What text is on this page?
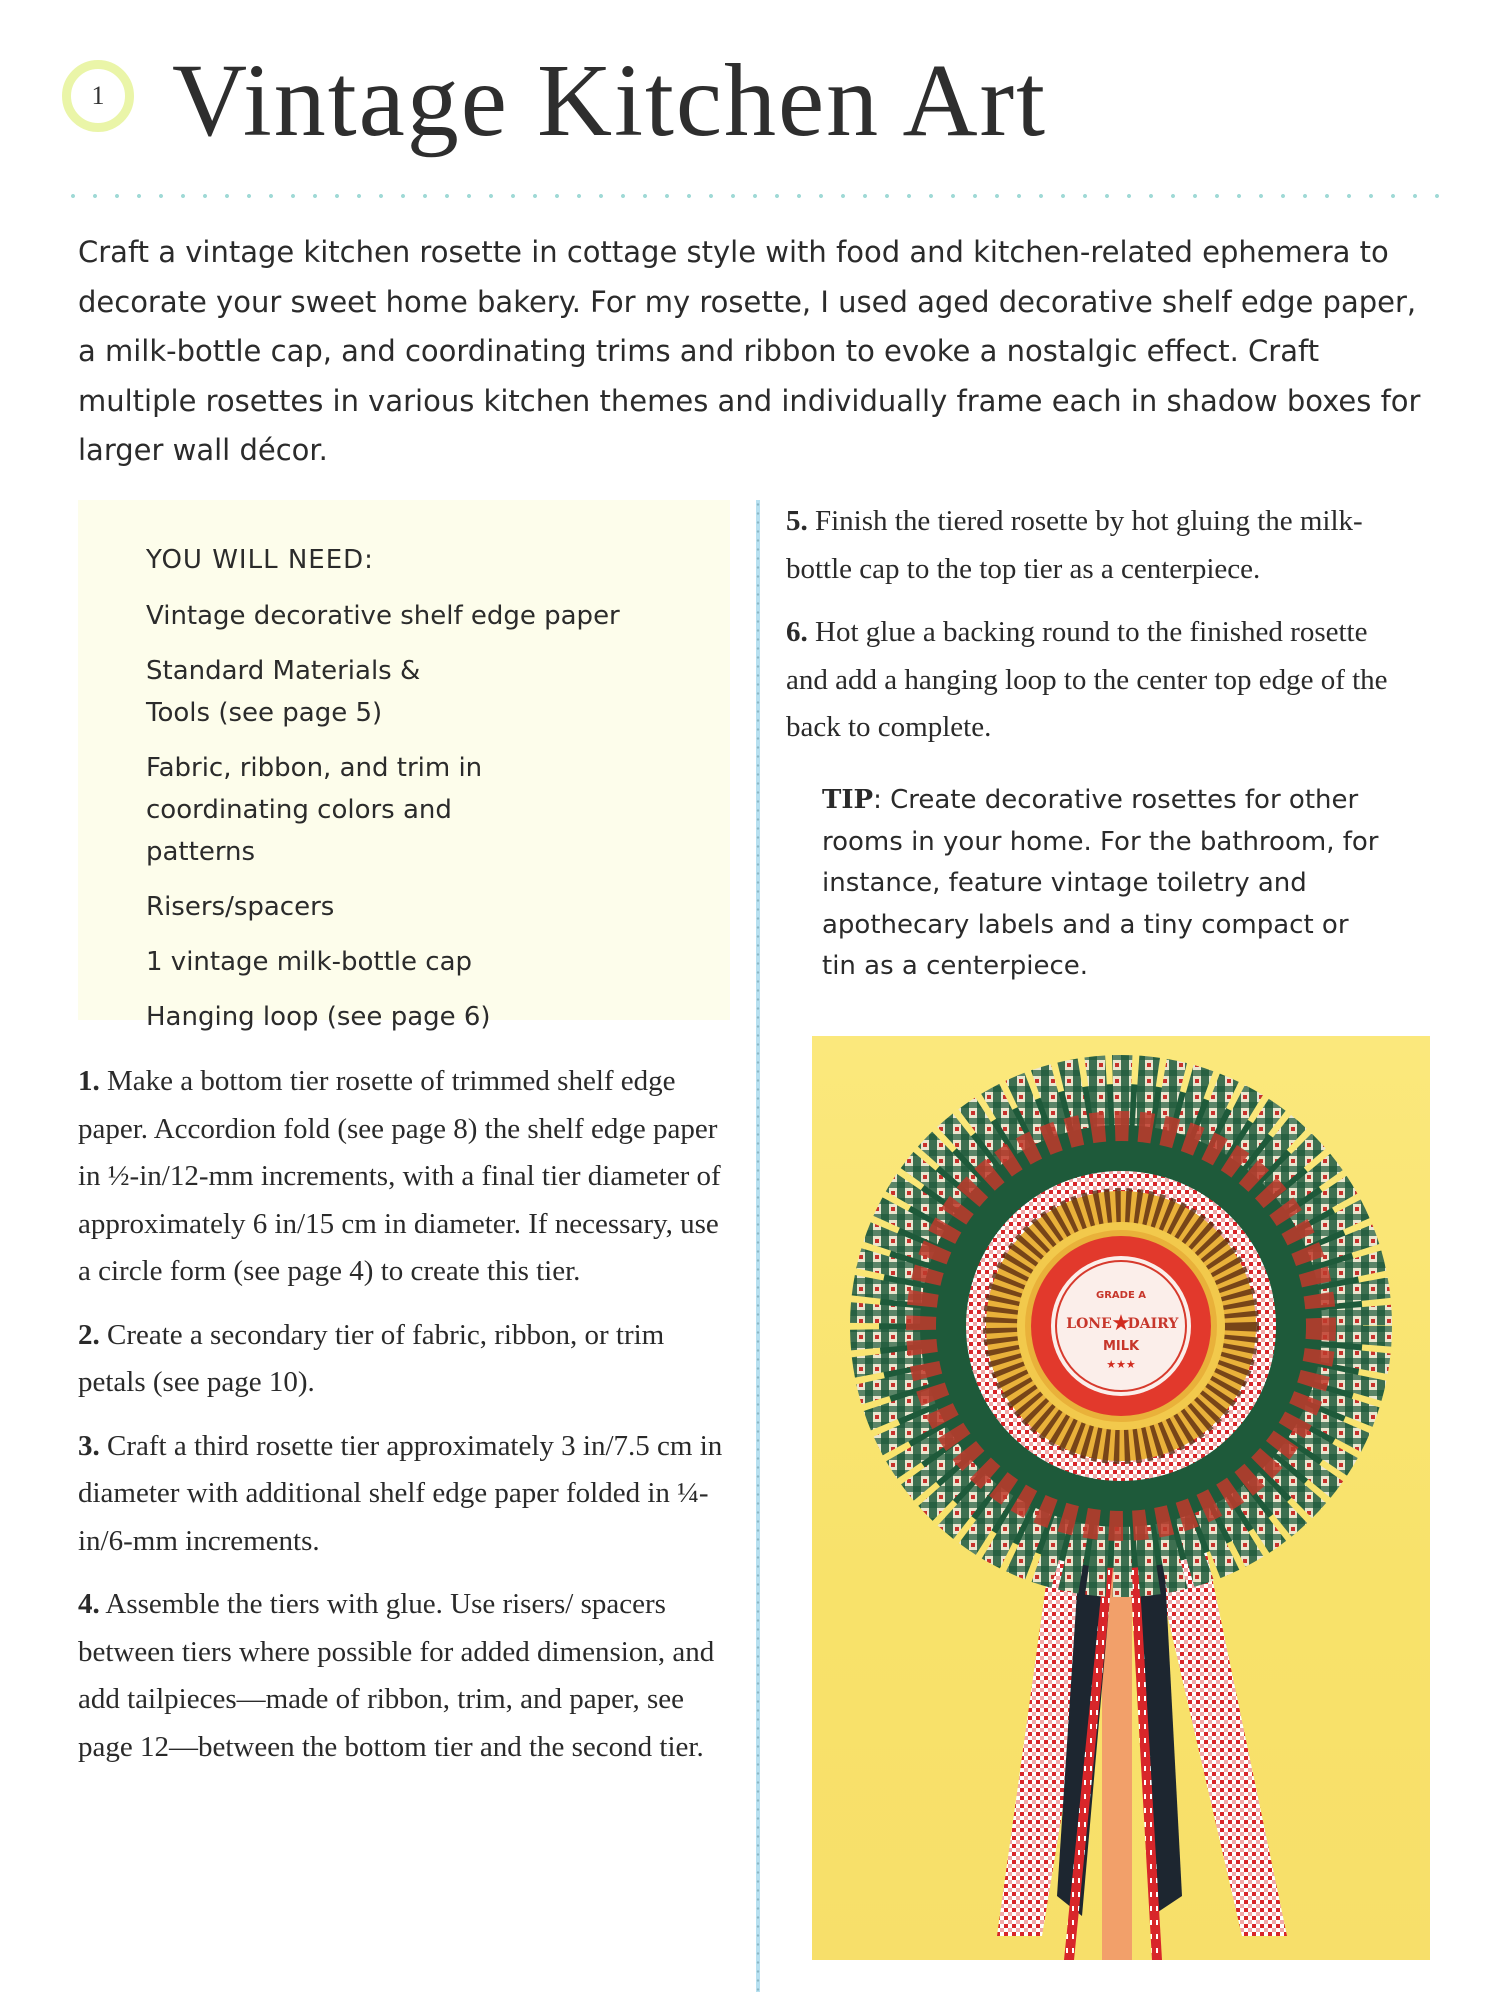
1 Vintage Kitchen Art

Craft a vintage kitchen rosette in cottage style with food and kitchen-related ephemera to decorate your sweet home bakery. For my rosette, I used aged decorative shelf edge paper, a milk-bottle cap, and coordinating trims and ribbon to evoke a nostalgic effect. Craft multiple rosettes in various kitchen themes and individually frame each in shadow boxes for larger wall décor.

YOU WILL NEED:
Vintage decorative shelf edge paper
Standard Materials & Tools (see page 5)
Fabric, ribbon, and trim in coordinating colors and patterns
Risers/spacers
1 vintage milk-bottle cap
Hanging loop (see page 6)

1. Make a bottom tier rosette of trimmed shelf edge paper. Accordion fold (see page 8) the shelf edge paper in ½-in/12-mm increments, with a final tier diameter of approximately 6 in/15 cm in diameter. If necessary, use a circle form (see page 4) to create this tier.

2. Create a secondary tier of fabric, ribbon, or trim petals (see page 10).

3. Craft a third rosette tier approximately 3 in/7.5 cm in diameter with additional shelf edge paper folded in ¼-in/6-mm increments.

4. Assemble the tiers with glue. Use risers/ spacers between tiers where possible for added dimension, and add tailpieces—made of ribbon, trim, and paper, see page 12—between the bottom tier and the second tier.

5. Finish the tiered rosette by hot gluing the milk-bottle cap to the top tier as a centerpiece.

6. Hot glue a backing round to the finished rosette and add a hanging loop to the center top edge of the back to complete.

TIP: Create decorative rosettes for other rooms in your home. For the bathroom, for instance, feature vintage toiletry and apothecary labels and a tiny compact or tin as a centerpiece.

GRADE A
LONE ★
DAIRY
MILK
★★★
